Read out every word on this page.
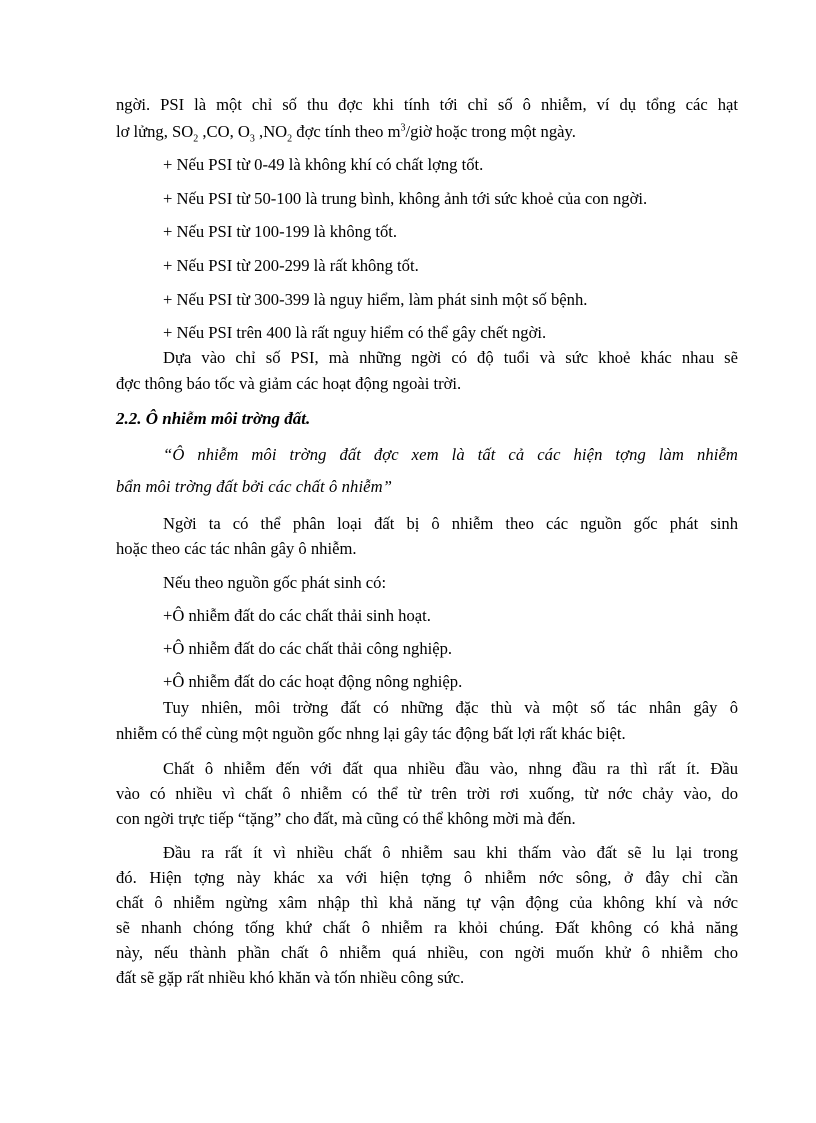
ngời. PSI là một chỉ số thu đợc khi tính tới chỉ số ô nhiễm, ví dụ tổng các hạt
lơ lửng, $SO_2$ ,CO, $O_3$ $,NO_2$ đợc tính theo $m^3$/giờ hoặc trong một ngày.
+ Nếu PSI từ 0-49 là không khí có chất lợng tốt.
+ Nếu PSI từ 50-100 là trung bình, không ảnh tới sức khoẻ của con ngời.
+ Nếu PSI từ 100-199 là không tốt.
+ Nếu PSI từ 200-299 là rất không tốt.
+ Nếu PSI từ 300-399 là nguy hiểm, làm phát sinh một số bệnh.
+ Nếu PSI trên 400 là rất nguy hiểm có thể gây chết ngời.
Dựa vào chỉ số PSI, mà những ngời có độ tuổi và sức khoẻ khác nhau sẽ
đợc thông báo tốc và giảm các hoạt động ngoài trời.
2.2. Ô nhiễm môi trờng đất.
“Ô nhiễm môi trờng đất đợc xem là tất cả các hiện tợng làm nhiễm
bẩn môi trờng đất bởi các chất ô nhiễm”
Ngời ta có thể phân loại đất bị ô nhiễm theo các nguồn gốc phát sinh
hoặc theo các tác nhân gây ô nhiễm.
Nếu theo nguồn gốc phát sinh có:
+Ô nhiễm đất do các chất thải sinh hoạt.
+Ô nhiễm đất do các chất thải công nghiệp.
+Ô nhiễm đất do các hoạt động nông nghiệp.
Tuy nhiên, môi trờng đất có những đặc thù và một số tác nhân gây ô
nhiễm có thể cùng một nguồn gốc nhng lại gây tác động bất lợi rất khác biệt.
Chất ô nhiễm đến với đất qua nhiều đầu vào, nhng đầu ra thì rất ít. Đầu
vào có nhiều vì chất ô nhiễm có thể từ trên trời rơi xuống, từ nớc chảy vào, do
con ngời trực tiếp “tặng” cho đất, mà cũng có thể không mời mà đến.
Đầu ra rất ít vì nhiều chất ô nhiễm sau khi thấm vào đất sẽ lu lại trong
đó. Hiện tợng này khác xa với hiện tợng ô nhiễm nớc sông, ở đây chỉ cần
chất ô nhiễm ngừng xâm nhập thì khả năng tự vận động của không khí và nớc
sẽ nhanh chóng tống khứ chất ô nhiễm ra khỏi chúng. Đất không có khả năng
này, nếu thành phần chất ô nhiễm quá nhiều, con ngời muốn khử ô nhiễm cho
đất sẽ gặp rất nhiều khó khăn và tốn nhiều công sức.
